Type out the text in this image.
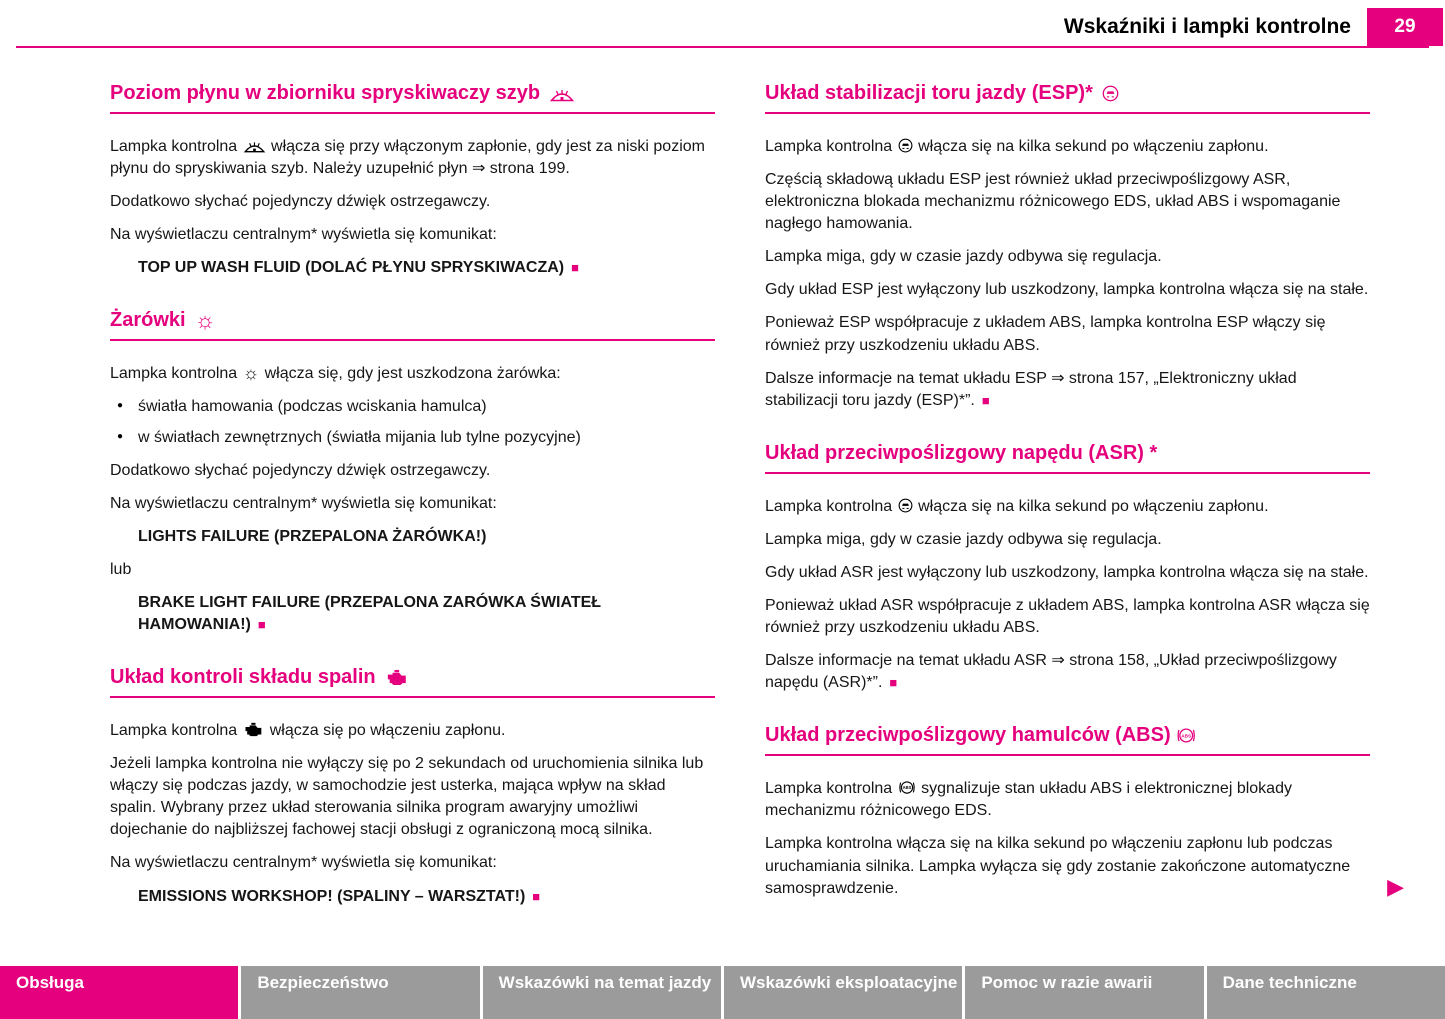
Wskaźniki i lampki kontrolne	29
Poziom płynu w zbiorniku spryskiwaczy szyb

Lampka kontrolna włącza się przy włączonym zapłonie, gdy jest za niski poziom płynu do spryskiwania szyb. Należy uzupełnić płyn ⇒ strona 199.

Dodatkowo słychać pojedynczy dźwięk ostrzegawczy.

Na wyświetlaczu centralnym* wyświetla się komunikat:

TOP UP WASH FLUID (DOLAĆ PŁYNU SPRYSKIWACZA) ■

Żarówki ☼

Lampka kontrolna ☼ włącza się, gdy jest uszkodzona żarówka:

● światła hamowania (podczas wciskania hamulca)
● w światłach zewnętrznych (światła mijania lub tylne pozycyjne)

Dodatkowo słychać pojedynczy dźwięk ostrzegawczy.

Na wyświetlaczu centralnym* wyświetla się komunikat:

LIGHTS FAILURE (PRZEPALONA ŻARÓWKA!)

lub

BRAKE LIGHT FAILURE (PRZEPALONA ZARÓWKA ŚWIATEŁ HAMOWANIA!) ■

Układ kontroli składu spalin

Lampka kontrolna włącza się po włączeniu zapłonu.

Jeżeli lampka kontrolna nie wyłączy się po 2 sekundach od uruchomienia silnika lub włączy się podczas jazdy, w samochodzie jest usterka, mająca wpływ na skład spalin. Wybrany przez układ sterowania silnika program awaryjny umożliwi dojechanie do najbliższej fachowej stacji obsługi z ograniczoną mocą silnika.

Na wyświetlaczu centralnym* wyświetla się komunikat:

EMISSIONS WORKSHOP! (SPALINY – WARSZTAT!) ■

Układ stabilizacji toru jazdy (ESP)*

Lampka kontrolna włącza się na kilka sekund po włączeniu zapłonu.

Częścią składową układu ESP jest również układ przeciwpoślizgowy ASR, elektroniczna blokada mechanizmu różnicowego EDS, układ ABS i wspomaganie nagłego hamowania.

Lampka miga, gdy w czasie jazdy odbywa się regulacja.

Gdy układ ESP jest wyłączony lub uszkodzony, lampka kontrolna włącza się na stałe.

Ponieważ ESP współpracuje z układem ABS, lampka kontrolna ESP włączy się również przy uszkodzeniu układu ABS.

Dalsze informacje na temat układu ESP ⇒ strona 157, „Elektroniczny układ stabilizacji toru jazdy (ESP)*”. ■

Układ przeciwpoślizgowy napędu (ASR) *

Lampka kontrolna włącza się na kilka sekund po włączeniu zapłonu.

Lampka miga, gdy w czasie jazdy odbywa się regulacja.

Gdy układ ASR jest wyłączony lub uszkodzony, lampka kontrolna włącza się na stałe.

Ponieważ układ ASR współpracuje z układem ABS, lampka kontrolna ASR włącza się również przy uszkodzeniu układu ABS.

Dalsze informacje na temat układu ASR ⇒ strona 158, „Układ przeciwpoślizgowy napędu (ASR)*”. ■

Układ przeciwpoślizgowy hamulców (ABS) ABS

Lampka kontrolna ABS sygnalizuje stan układu ABS i elektronicznej blokady mechanizmu różnicowego EDS.

Lampka kontrolna włącza się na kilka sekund po włączeniu zapłonu lub podczas uruchamiania silnika. Lampka wyłącza się gdy zostanie zakończone automatyczne samosprawdzenie.	▶
Obsługa	Bezpieczeństwo	Wskazówki na temat jazdy	Wskazówki eksploatacyjne	Pomoc w razie awarii	Dane techniczne
